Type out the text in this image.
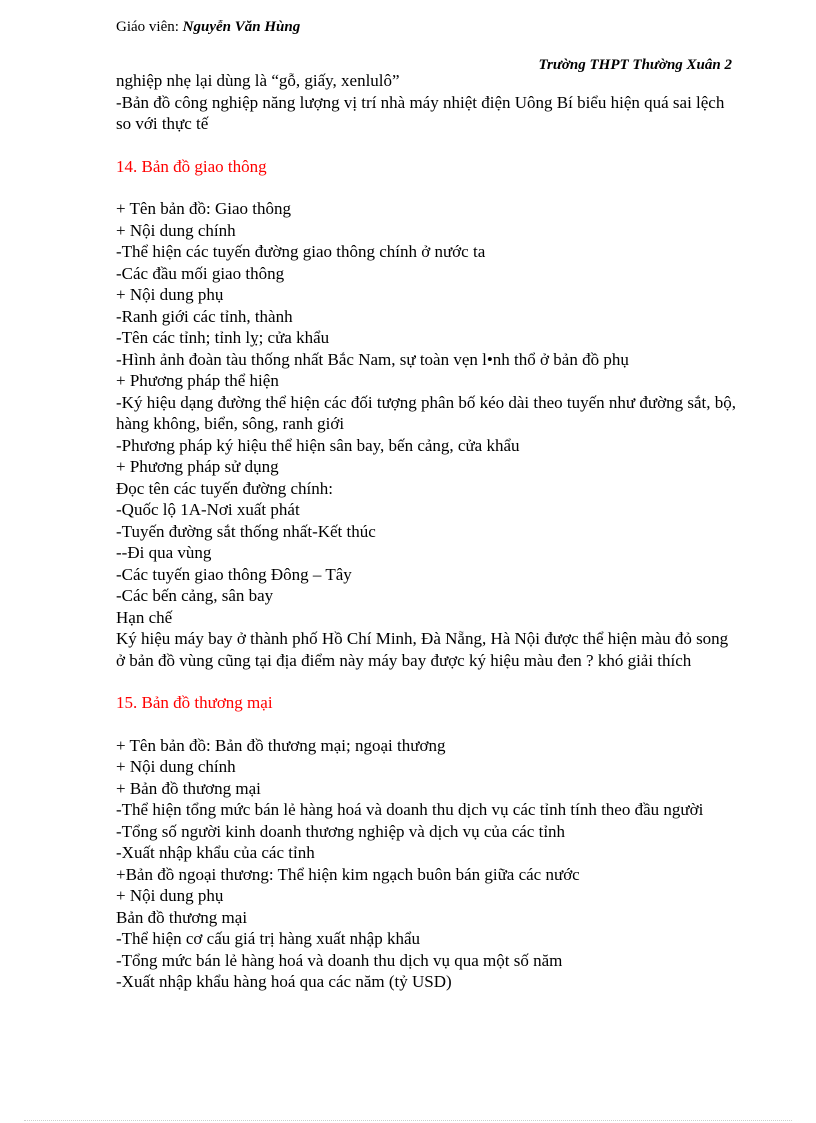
Giáo viên: Nguyễn Văn Hùng
Trường THPT Thường Xuân 2
nghiệp nhẹ lại dùng là “gỗ, giấy, xenlulô”
-Bản đồ công nghiệp năng lượng vị trí nhà máy nhiệt điện Uông Bí biểu hiện quá sai lệch so với thực tế
14. Bản đồ giao thông
+ Tên bản đồ: Giao thông
+ Nội dung chính
-Thể hiện các tuyến đường giao thông chính ở nước ta
-Các đầu mối giao thông
+ Nội dung phụ
-Ranh giới các tỉnh, thành
-Tên các tỉnh; tỉnh lỵ; cửa khẩu
-Hình ảnh đoàn tàu thống nhất Bắc Nam, sự toàn vẹn l•nh thổ ở bản đồ phụ
+ Phương pháp thể hiện
-Ký hiệu dạng đường thể hiện các đối tượng phân bố kéo dài theo tuyến như đường sắt, bộ, hàng không, biển, sông, ranh giới
-Phương pháp ký hiệu thể hiện sân bay, bến cảng, cửa khẩu
+ Phương pháp sử dụng
Đọc tên các tuyến đường chính:
-Quốc lộ 1A-Nơi xuất phát
-Tuyến đường sắt thống nhất-Kết thúc
--Đi qua vùng
-Các tuyến giao thông Đông – Tây
-Các bến cảng, sân bay
Hạn chế
Ký hiệu máy bay ở thành phố Hồ Chí Minh, Đà Nẵng, Hà Nội được thể hiện màu đỏ song ở bản đồ vùng cũng tại địa điểm này máy bay được ký hiệu màu đen ? khó giải thích
15. Bản đồ thương mại
+ Tên bản đồ: Bản đồ thương mại; ngoại thương
+ Nội dung chính
+ Bản đồ thương mại
-Thể hiện tổng mức bán lẻ hàng hoá và doanh thu dịch vụ các tỉnh tính theo đầu người
-Tổng số người kinh doanh thương nghiệp và dịch vụ của các tỉnh
-Xuất nhập khẩu của các tỉnh
+Bản đồ ngoại thương: Thể hiện kim ngạch buôn bán giữa các nước
+ Nội dung phụ
Bản đồ thương mại
-Thể hiện cơ cấu giá trị hàng xuất nhập khẩu
-Tổng mức bán lẻ hàng hoá và doanh thu dịch vụ qua một số năm
-Xuất nhập khẩu hàng hoá qua các năm (tỷ USD)
